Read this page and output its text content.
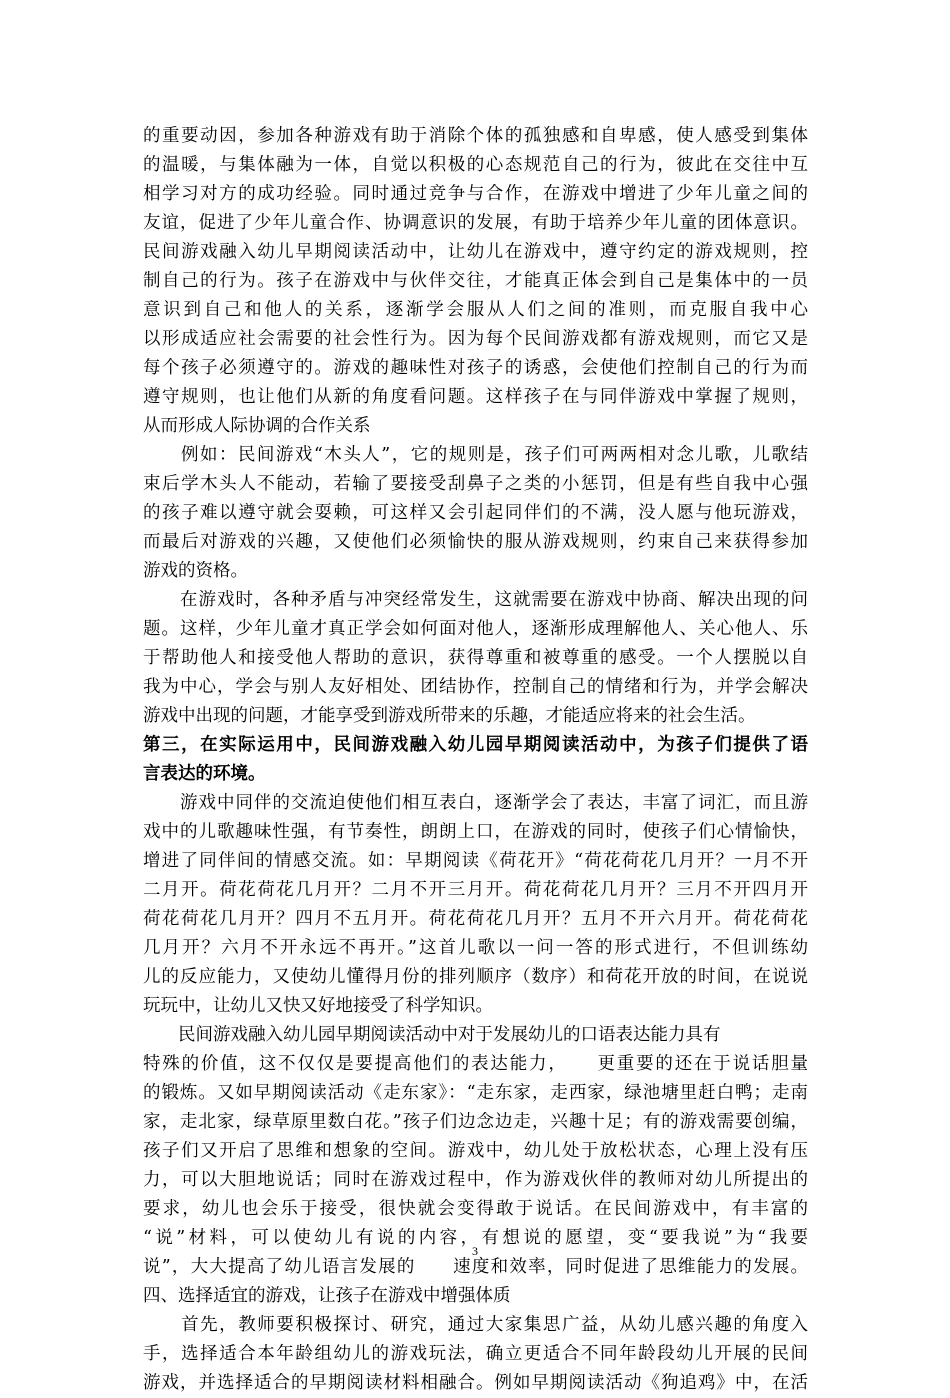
的重要动因，参加各种游戏有助于消除个体的孤独感和自卑感，使人感受到集体
的温暖，与集体融为一体，自觉以积极的心态规范自己的行为，彼此在交往中互
相学习对方的成功经验。同时通过竞争与合作，在游戏中增进了少年儿童之间的
友谊，促进了少年儿童合作、协调意识的发展，有助于培养少年儿童的团体意识。
民间游戏融入幼儿早期阅读活动中，让幼儿在游戏中，遵守约定的游戏规则，控
制自己的行为。孩子在游戏中与伙伴交往，才能真正体会到自己是集体中的一员
意识到自己和他人的关系，逐渐学会服从人们之间的准则，而克服自我中心
以形成适应社会需要的社会性行为。因为每个民间游戏都有游戏规则，而它又是
每个孩子必须遵守的。游戏的趣味性对孩子的诱惑，会使他们控制自己的行为而
遵守规则，也让他们从新的角度看问题。这样孩子在与同伴游戏中掌握了规则，
从而形成人际协调的合作关系
　　例如：民间游戏“木头人”，它的规则是，孩子们可两两相对念儿歌，儿歌结
束后学木头人不能动，若输了要接受刮鼻子之类的小惩罚，但是有些自我中心强
的孩子难以遵守就会耍赖，可这样又会引起同伴们的不满，没人愿与他玩游戏，
而最后对游戏的兴趣，又使他们必须愉快的服从游戏规则，约束自己来获得参加
游戏的资格。
　　在游戏时，各种矛盾与冲突经常发生，这就需要在游戏中协商、解决出现的问
题。这样，少年儿童才真正学会如何面对他人，逐渐形成理解他人、关心他人、乐
于帮助他人和接受他人帮助的意识，获得尊重和被尊重的感受。一个人摆脱以自
我为中心，学会与别人友好相处、团结协作，控制自己的情绪和行为，并学会解决
游戏中出现的问题，才能享受到游戏所带来的乐趣，才能适应将来的社会生活。
第三，在实际运用中，民间游戏融入幼儿园早期阅读活动中，为孩子们提供了语
言表达的环境。
　　游戏中同伴的交流迫使他们相互表白，逐渐学会了表达，丰富了词汇，而且游
戏中的儿歌趣味性强，有节奏性，朗朗上口，在游戏的同时，使孩子们心情愉快，
增进了同伴间的情感交流。如：早期阅读《荷花开》“荷花荷花几月开？一月不开
二月开。荷花荷花几月开？二月不开三月开。荷花荷花几月开？三月不开四月开
荷花荷花几月开？四月不五月开。荷花荷花几月开？五月不开六月开。荷花荷花
几月开？六月不开永远不再开。”这首儿歌以一问一答的形式进行，不但训练幼
儿的反应能力，又使幼儿懂得月份的排列顺序（数序）和荷花开放的时间，在说说
玩玩中，让幼儿又快又好地接受了科学知识。
　　民间游戏融入幼儿园早期阅读活动中对于发展幼儿的口语表达能力具有
特殊的价值，这不仅仅是要提高他们的表达能力，　　更重要的还在于说话胆量
的锻炼。又如早期阅读活动《走东家》：“走东家，走西家，绿池塘里赶白鸭；走南
家，走北家，绿草原里数白花。”孩子们边念边走，兴趣十足；有的游戏需要创编，
孩子们又开启了思维和想象的空间。游戏中，幼儿处于放松状态，心理上没有压
力，可以大胆地说话；同时在游戏过程中，作为游戏伙伴的教师对幼儿所提出的
要求，幼儿也会乐于接受，很快就会变得敢于说话。在民间游戏中，有丰富的
“说”材料，可以使幼儿有说的内容，有想说的愿望，变“要我说”为“我要
说”，大大提高了幼儿语言发展的　　速度和效率，同时促进了思维能力的发展。
四、选择适宜的游戏，让孩子在游戏中增强体质
　　首先，教师要积极探讨、研究，通过大家集思广益，从幼儿感兴趣的角度入
手，选择适合本年龄组幼儿的游戏玩法，确立更适合不同年龄段幼儿开展的民间
游戏，并选择适合的早期阅读材料相融合。例如早期阅读活动《狗追鸡》中，在活
3
